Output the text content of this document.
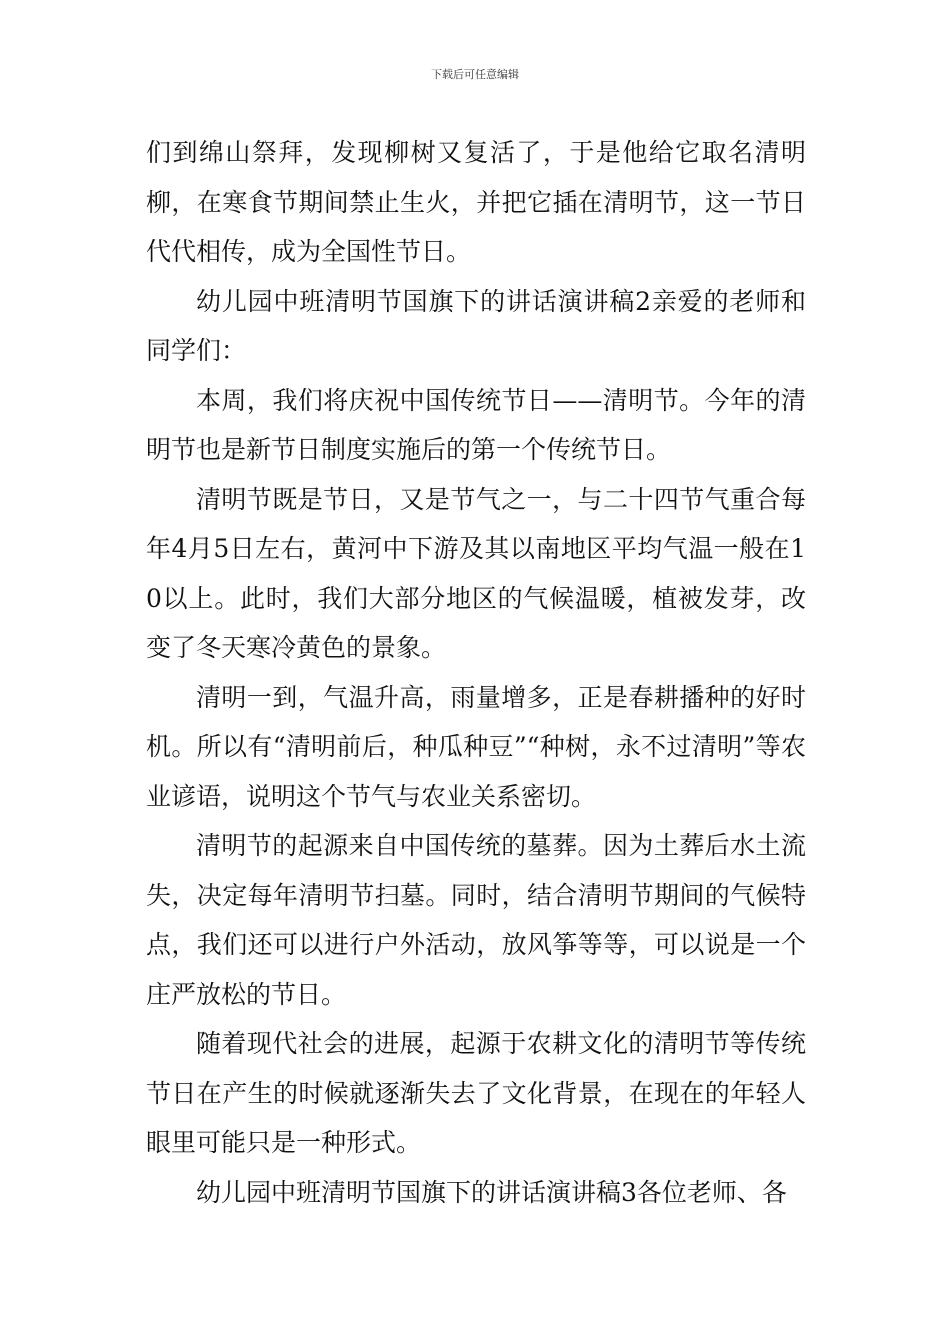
下载后可任意编辑

们到绵山祭拜，发现柳树又复活了，于是他给它取名清明柳，在寒食节期间禁止生火，并把它插在清明节，这一节日代代相传，成为全国性节日。

幼儿园中班清明节国旗下的讲话演讲稿2亲爱的老师和同学们：

本周，我们将庆祝中国传统节日——清明节。今年的清明节也是新节日制度实施后的第一个传统节日。

清明节既是节日，又是节气之一，与二十四节气重合每年4月5日左右，黄河中下游及其以南地区平均气温一般在10以上。此时，我们大部分地区的气候温暖，植被发芽，改变了冬天寒冷黄色的景象。

清明一到，气温升高，雨量增多，正是春耕播种的好时机。所以有“清明前后，种瓜种豆”“种树，永不过清明”等农业谚语，说明这个节气与农业关系密切。

清明节的起源来自中国传统的墓葬。因为土葬后水土流失，决定每年清明节扫墓。同时，结合清明节期间的气候特点，我们还可以进行户外活动，放风筝等等，可以说是一个庄严放松的节日。

随着现代社会的进展，起源于农耕文化的清明节等传统节日在产生的时候就逐渐失去了文化背景，在现在的年轻人眼里可能只是一种形式。

幼儿园中班清明节国旗下的讲话演讲稿3各位老师、各
